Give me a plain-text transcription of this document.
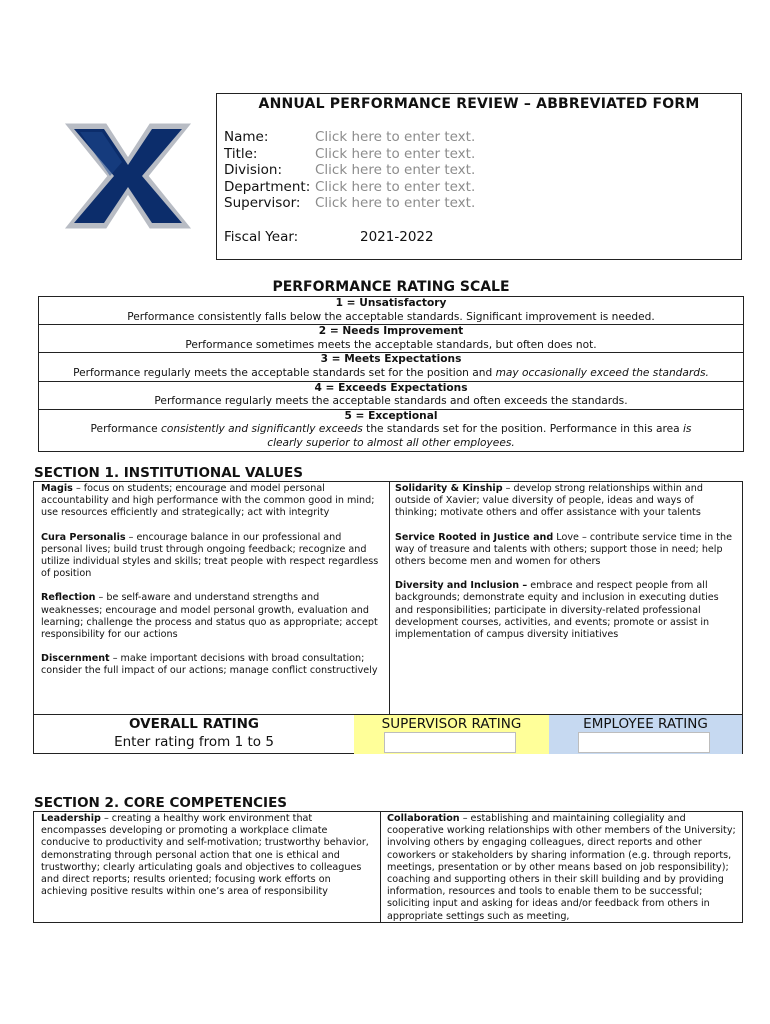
ANNUAL PERFORMANCE REVIEW – ABBREVIATED FORM
Name:	Click here to enter text.
Title:	Click here to enter text.
Division: Click here to enter text.
Department: Click here to enter text.
Supervisor: Click here to enter text.
Fiscal Year:	2021-2022
PERFORMANCE RATING SCALE
1 = Unsatisfactory
Performance consistently falls below the acceptable standards. Significant improvement is needed.
2 = Needs Improvement
Performance sometimes meets the acceptable standards, but often does not.
3 = Meets Expectations
Performance regularly meets the acceptable standards set for the position and may occasionally exceed the standards.
4 = Exceeds Expectations
Performance regularly meets the acceptable standards and often exceeds the standards.
5 = Exceptional
Performance consistently and significantly exceeds the standards set for the position. Performance in this area is clearly superior to almost all other employees.
SECTION 1. INSTITUTIONAL VALUES

Magis – focus on students; encourage and model personal accountability and high performance with the common good in mind; use resources efficiently and strategically; act with integrity

Cura Personalis – encourage balance in our professional and personal lives; build trust through ongoing feedback; recognize and utilize individual styles and skills; treat people with respect regardless of position

Reflection – be self-aware and understand strengths and weaknesses; encourage and model personal growth, evaluation and learning; challenge the process and status quo as appropriate; accept responsibility for our actions

Discernment – make important decisions with broad consultation; consider the full impact of our actions; manage conflict constructively

Solidarity & Kinship – develop strong relationships within and outside of Xavier; value diversity of people, ideas and ways of thinking; motivate others and offer assistance with your talents

Service Rooted in Justice and Love – contribute service time in the way of treasure and talents with others; support those in need; help others become men and women for others

Diversity and Inclusion – embrace and respect people from all backgrounds; demonstrate equity and inclusion in executing duties and responsibilities; participate in diversity-related professional development courses, activities, and events; promote or assist in implementation of campus diversity initiatives

OVERALL RATING
Enter rating from 1 to 5
SUPERVISOR RATING	EMPLOYEE RATING
SECTION 2. CORE COMPETENCIES
Leadership – creating a healthy work environment that encompasses developing or promoting a workplace climate conducive to productivity and self-motivation; trustworthy behavior, demonstrating through personal action that one is ethical and trustworthy; clearly articulating goals and objectives to colleagues and direct reports; results oriented; focusing work efforts on achieving positive results within one’s area of responsibility
Collaboration – establishing and maintaining collegiality and cooperative working relationships with other members of the University; involving others by engaging colleagues, direct reports and other coworkers or stakeholders by sharing information (e.g. through reports, meetings, presentation or by other means based on job responsibility); coaching and supporting others in their skill building and by providing information, resources and tools to enable them to be successful; soliciting input and asking for ideas and/or feedback from others in appropriate settings such as meeting,
